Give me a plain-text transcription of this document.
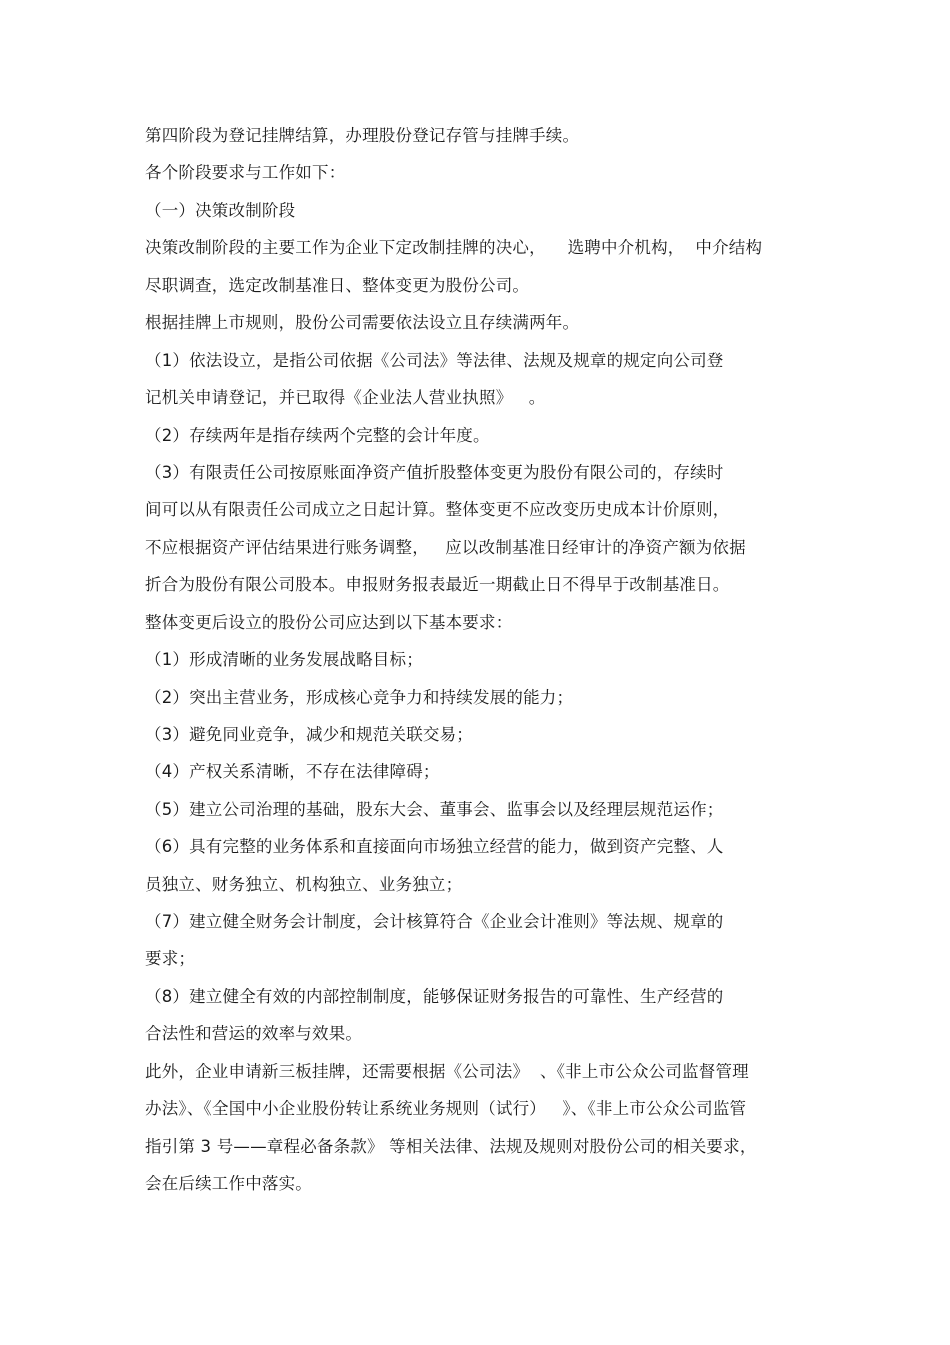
第四阶段为登记挂牌结算，办理股份登记存管与挂牌手续。
各个阶段要求与工作如下：
（一）决策改制阶段
决策改制阶段的主要工作为企业下定改制挂牌的决心，    选聘中介机构，  中介结构
尽职调查，选定改制基准日、整体变更为股份公司。
根据挂牌上市规则，股份公司需要依法设立且存续满两年。
（1）依法设立，是指公司依据《公司法》等法律、法规及规章的规定向公司登
记机关申请登记，并已取得《企业法人营业执照》   。
（2）存续两年是指存续两个完整的会计年度。
（3）有限责任公司按原账面净资产值折股整体变更为股份有限公司的，存续时
间可以从有限责任公司成立之日起计算。整体变更不应改变历史成本计价原则，
不应根据资产评估结果进行账务调整，   应以改制基准日经审计的净资产额为依据
折合为股份有限公司股本。申报财务报表最近一期截止日不得早于改制基准日。
整体变更后设立的股份公司应达到以下基本要求：
（1）形成清晰的业务发展战略目标；
（2）突出主营业务，形成核心竞争力和持续发展的能力；
（3）避免同业竞争，减少和规范关联交易；
（4）产权关系清晰，不存在法律障碍；
（5）建立公司治理的基础，股东大会、董事会、监事会以及经理层规范运作；
（6）具有完整的业务体系和直接面向市场独立经营的能力，做到资产完整、人
员独立、财务独立、机构独立、业务独立；
（7）建立健全财务会计制度，会计核算符合《企业会计准则》等法规、规章的
要求；
（8）建立健全有效的内部控制制度，能够保证财务报告的可靠性、生产经营的
合法性和营运的效率与效果。
此外，企业申请新三板挂牌，还需要根据《公司法》  、《非上市公众公司监督管理
办法》、《全国中小企业股份转让系统业务规则（试行）   》、《非上市公众公司监管
指引第 3 号——章程必备条款》 等相关法律、法规及规则对股份公司的相关要求，
会在后续工作中落实。
